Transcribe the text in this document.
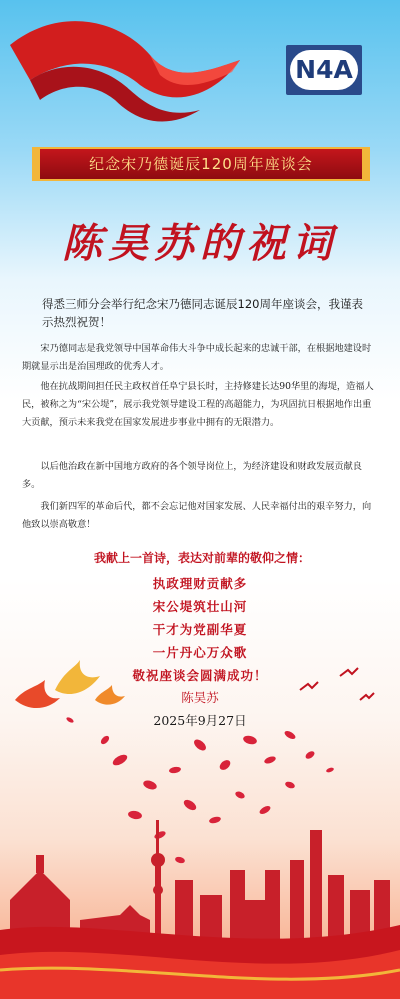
N4A
纪念宋乃德诞辰120周年座谈会
陈昊苏的祝词
得悉三师分会举行纪念宋乃德同志诞辰120周年座谈会，我谨表示热烈祝贺！
宋乃德同志是我党领导中国革命伟大斗争中成长起来的忠诚干部，在根据地建设时期就显示出是治国理政的优秀人才。
他在抗战期间担任民主政权首任阜宁县长时，主持修建长达90华里的海堤，造福人民，被称之为“宋公堤”，展示我党领导建设工程的高超能力，为巩固抗日根据地作出重大贡献，预示未来我党在国家发展进步事业中拥有的无限潜力。
以后他治政在新中国地方政府的各个领导岗位上，为经济建设和财政发展贡献良多。
我们新四军的革命后代，都不会忘记他对国家发展、人民幸福付出的艰辛努力，向他致以崇高敬意！
我献上一首诗，表达对前辈的敬仰之情：
执政理财贡献多
宋公堤筑壮山河
干才为党副华夏
一片丹心万众歌
敬祝座谈会圆满成功！
陈昊苏
2025年9月27日
